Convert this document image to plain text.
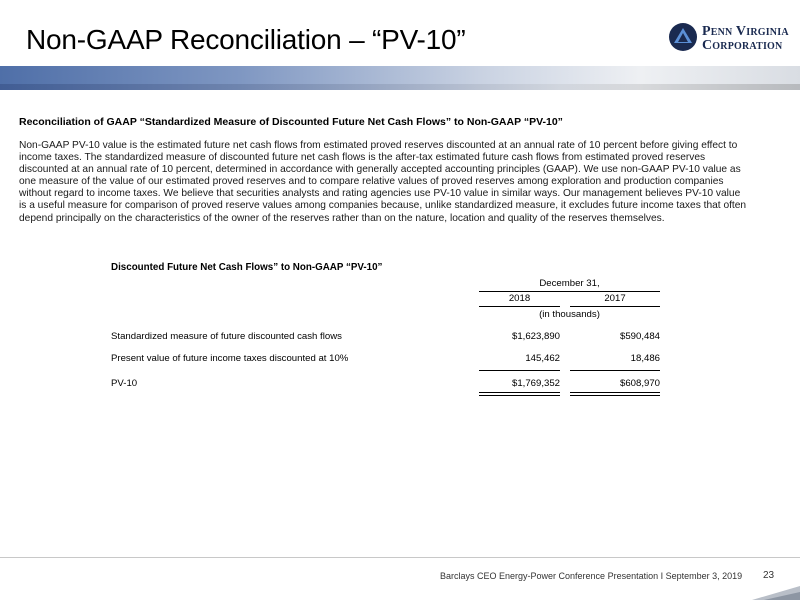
Non-GAAP Reconciliation – “PV-10”	Penn Virginia
Corporation
Reconciliation of GAAP “Standardized Measure of Discounted Future Net Cash Flows” to Non-GAAP “PV-10”
Non-GAAP PV-10 value is the estimated future net cash flows from estimated proved reserves discounted at an annual rate of 10 percent before giving effect to income taxes. The standardized measure of discounted future net cash flows is the after-tax estimated future cash flows from estimated proved reserves discounted at an annual rate of 10 percent, determined in accordance with generally accepted accounting principles (GAAP). We use non-GAAP PV-10 value as one measure of the value of our estimated proved reserves and to compare relative values of proved reserves among exploration and production companies without regard to income taxes. We believe that securities analysts and rating agencies use PV-10 value in similar ways. Our management believes PV-10 value is a useful measure for comparison of proved reserve values among companies because, unlike standardized measure, it excludes future income taxes that often depend principally on the characteristics of the owner of the reserves rather than on the nature, location and quality of the reserves themselves.
Discounted Future Net Cash Flows” to Non-GAAP “PV-10”
December 31,
2018	2017
(in thousands)
Standardized measure of future discounted cash flows	$1,623,890	$590,484
Present value of future income taxes discounted at 10%	145,462	18,486
PV-10	$1,769,352	$608,970
Barclays CEO Energy-Power Conference Presentation I September 3, 2019 23
